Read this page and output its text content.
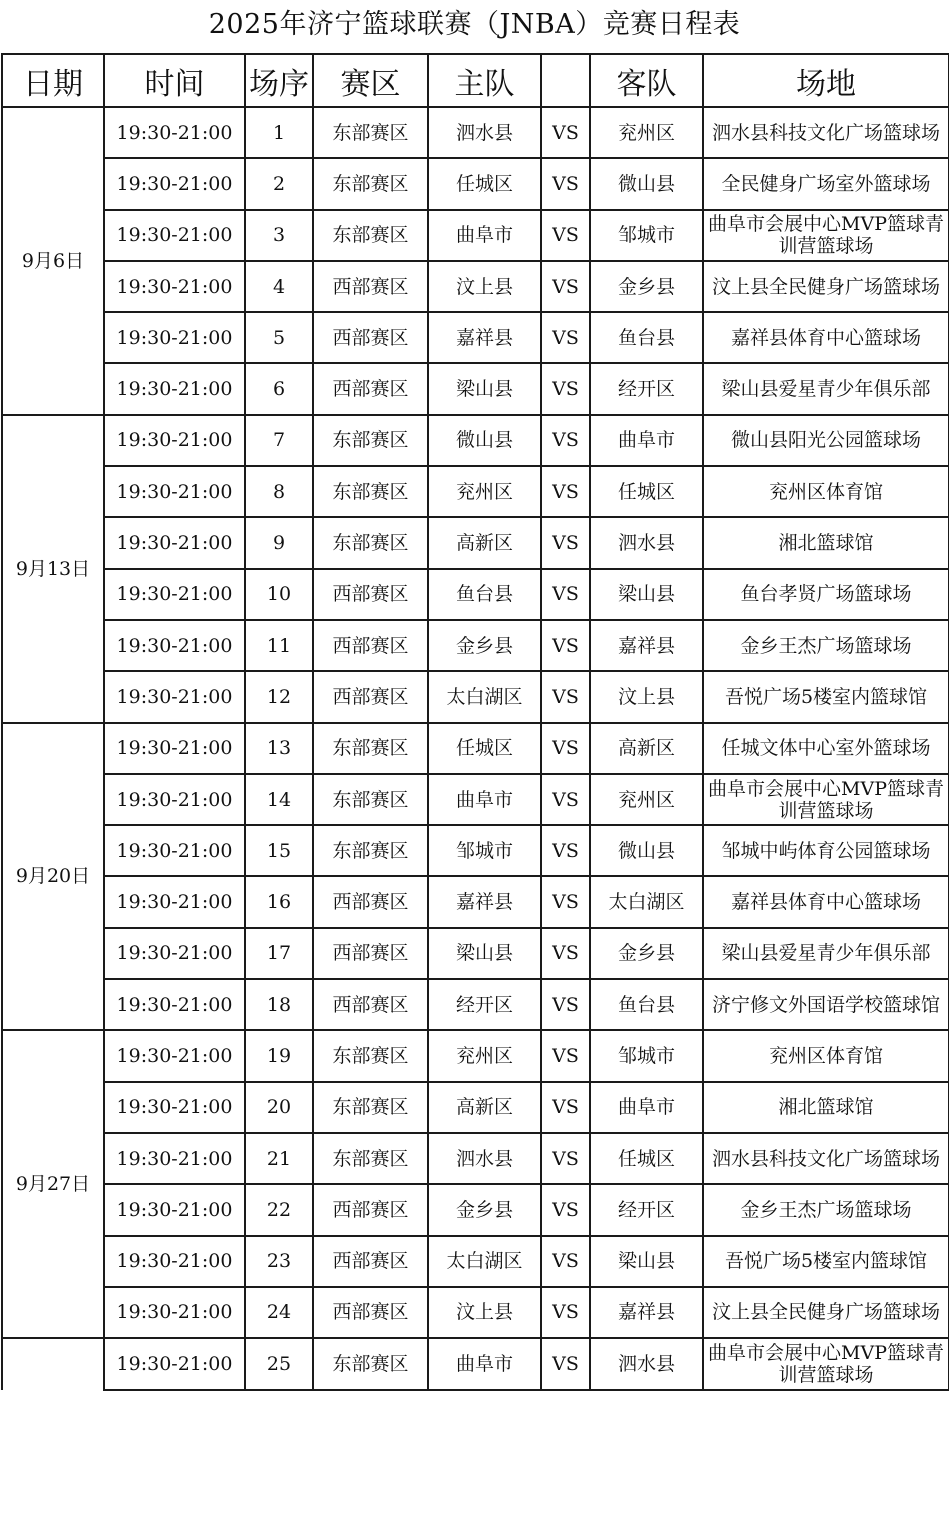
2025年济宁篮球联赛（JNBA）竞赛日程表
日期	时间	场序	赛区	主队		客队	场地
9月6日	19:30-21:00	1	东部赛区	泗水县	VS	兖州区	泗水县科技文化广场篮球场
	19:30-21:00	2	东部赛区	任城区	VS	微山县	全民健身广场室外篮球场
	19:30-21:00	3	东部赛区	曲阜市	VS	邹城市	曲阜市会展中心MVP篮球青训营篮球场
	19:30-21:00	4	西部赛区	汶上县	VS	金乡县	汶上县全民健身广场篮球场
	19:30-21:00	5	西部赛区	嘉祥县	VS	鱼台县	嘉祥县体育中心篮球场
	19:30-21:00	6	西部赛区	梁山县	VS	经开区	梁山县爱星青少年俱乐部
9月13日	19:30-21:00	7	东部赛区	微山县	VS	曲阜市	微山县阳光公园篮球场
	19:30-21:00	8	东部赛区	兖州区	VS	任城区	兖州区体育馆
	19:30-21:00	9	东部赛区	高新区	VS	泗水县	湘北篮球馆
	19:30-21:00	10	西部赛区	鱼台县	VS	梁山县	鱼台孝贤广场篮球场
	19:30-21:00	11	西部赛区	金乡县	VS	嘉祥县	金乡王杰广场篮球场
	19:30-21:00	12	西部赛区	太白湖区	VS	汶上县	吾悦广场5楼室内篮球馆
9月20日	19:30-21:00	13	东部赛区	任城区	VS	高新区	任城文体中心室外篮球场
	19:30-21:00	14	东部赛区	曲阜市	VS	兖州区	曲阜市会展中心MVP篮球青训营篮球场
	19:30-21:00	15	东部赛区	邹城市	VS	微山县	邹城中屿体育公园篮球场
	19:30-21:00	16	西部赛区	嘉祥县	VS	太白湖区	嘉祥县体育中心篮球场
	19:30-21:00	17	西部赛区	梁山县	VS	金乡县	梁山县爱星青少年俱乐部
	19:30-21:00	18	西部赛区	经开区	VS	鱼台县	济宁修文外国语学校篮球馆
9月27日	19:30-21:00	19	东部赛区	兖州区	VS	邹城市	兖州区体育馆
	19:30-21:00	20	东部赛区	高新区	VS	曲阜市	湘北篮球馆
	19:30-21:00	21	东部赛区	泗水县	VS	任城区	泗水县科技文化广场篮球场
	19:30-21:00	22	西部赛区	金乡县	VS	经开区	金乡王杰广场篮球场
	19:30-21:00	23	西部赛区	太白湖区	VS	梁山县	吾悦广场5楼室内篮球馆
	19:30-21:00	24	西部赛区	汶上县	VS	嘉祥县	汶上县全民健身广场篮球场
	19:30-21:00	25	东部赛区	曲阜市	VS	泗水县	曲阜市会展中心MVP篮球青训营篮球场
